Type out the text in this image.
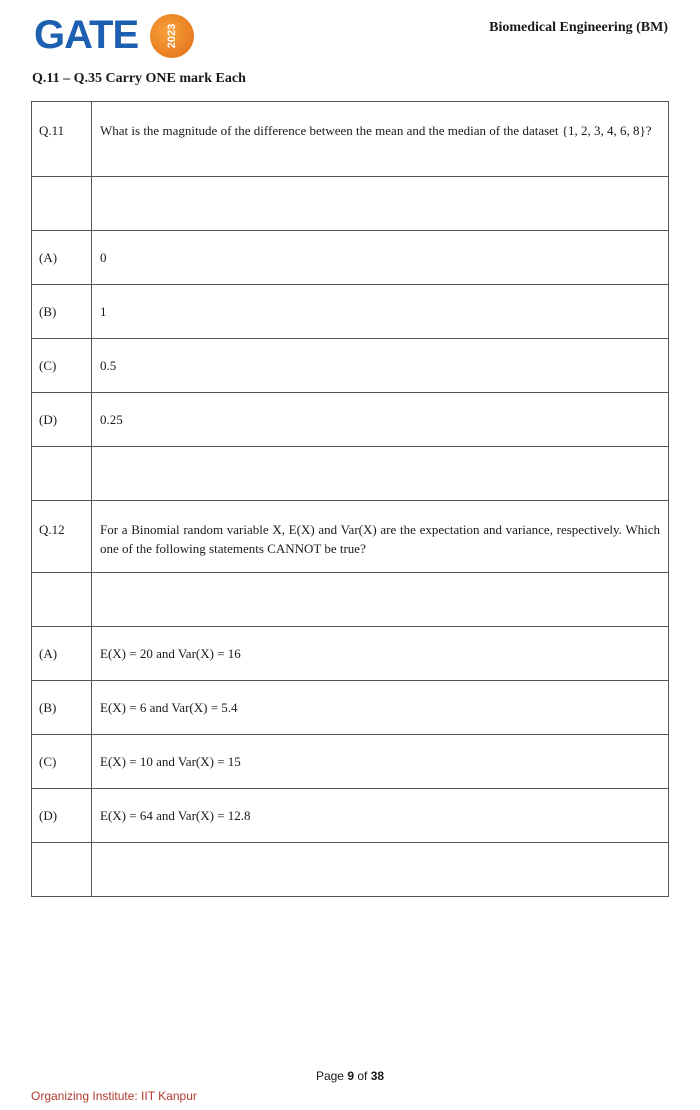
GATE	2023	Biomedical Engineering (BM)
Q.11 – Q.35 Carry ONE mark Each
Q.11	What is the magnitude of the difference between the mean and the median of the dataset {1, 2, 3, 4, 6, 8}?

(A)	0
(B)	1
(C)	0.5
(D)	0.25

Q.12	For a Binomial random variable X, E(X) and Var(X) are the expectation and variance, respectively. Which one of the following statements CANNOT be true?

(A)	E(X) = 20 and Var(X) = 16
(B)	E(X) = 6 and Var(X) = 5.4
(C)	E(X) = 10 and Var(X) = 15
(D)	E(X) = 64 and Var(X) = 12.8

Page 9 of 38
Organizing Institute: IIT Kanpur
